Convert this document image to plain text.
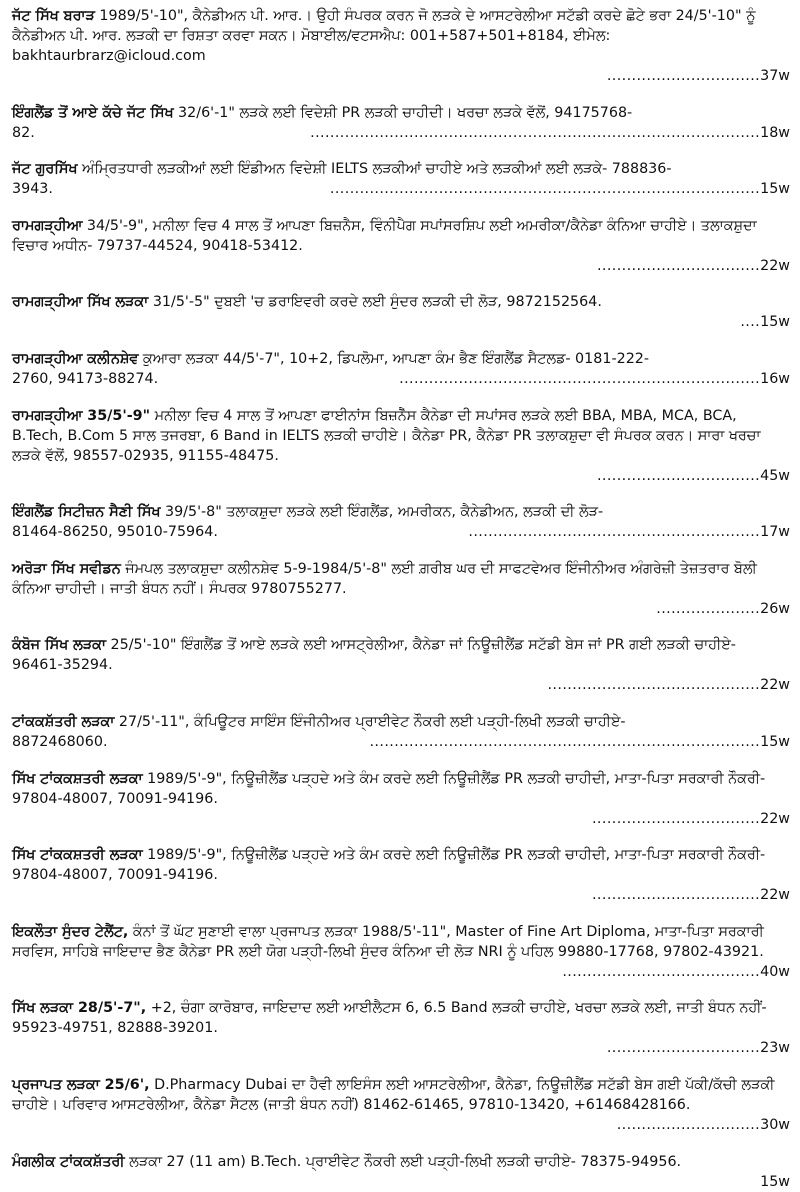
ਜੱਟ ਸਿੱਖ ਬਰਾੜ 1989/5'-10", ਕੈਨੇਡੀਅਨ ਪੀ. ਆਰ.। ਉਹੀ ਸੰਪਰਕ ਕਰਨ ਜੋ ਲੜਕੇ ਦੇ ਆਸਟਰੇਲੀਆ ਸਟੱਡੀ ਕਰਦੇ ਛੋਟੇ ਭਰਾ 24/5'-10" ਨੂੰ ਕੈਨੇਡੀਅਨ ਪੀ. ਆਰ. ਲੜਕੀ ਦਾ ਰਿਸ਼ਤਾ ਕਰਵਾ ਸਕਨ। ਮੋਬਾਈਲ/ਵਟਸਐਪ: 001+587+501+8184, ਈਮੇਲ: bakhtaurbrarz@icloud.com
............................... 37w
ਇੰਗਲੈਂਡ ਤੋਂ ਆਏ ਕੱਚੇ ਜੱਟ ਸਿੱਖ 32/6'-1" ਲੜਕੇ ਲਈ ਵਿਦੇਸ਼ੀ PR ਲੜਕੀ ਚਾਹੀਦੀ। ਖਰਚਾ ਲੜਕੇ ਵੱਲੋਂ, 94175768-
82.	........................................................................................... 18w
ਜੱਟ ਗੁਰਸਿੱਖ ਅੰਮ੍ਰਿਤਧਾਰੀ ਲੜਕੀਆਂ ਲਈ ਇੰਡੀਅਨ ਵਿਦੇਸ਼ੀ IELTS ਲੜਕੀਆਂ ਚਾਹੀਏ ਅਤੇ ਲੜਕੀਆਂ ਲਈ ਲੜਕੇ- 788836-
3943.	....................................................................................... 15w
ਰਾਮਗੜ੍ਹੀਆ 34/5'-9", ਮਨੀਲਾ ਵਿਚ 4 ਸਾਲ ਤੋਂ ਆਪਣਾ ਬਿਜ਼ਨੈਸ, ਵਿੰਨੀਪੈਗ ਸਪਾਂਸਰਸ਼ਿਪ ਲਈ ਅਮਰੀਕਾ/ਕੈਨੇਡਾ ਕੰਨਿਆ ਚਾਹੀਏ। ਤਲਾਕਸ਼ੁਦਾ ਵਿਚਾਰ ਅਧੀਨ- 79737-44524, 90418-53412.
................................. 22w
ਰਾਮਗੜ੍ਹੀਆ ਸਿੱਖ ਲੜਕਾ 31/5'-5" ਦੁਬਈ 'ਚ ਡਰਾਇਵਰੀ ਕਰਦੇ ਲਈ ਸੁੰਦਰ ਲੜਕੀ ਦੀ ਲੋੜ, 9872152564.
.... 15w
ਰਾਮਗੜ੍ਹੀਆ ਕਲੀਨਸ਼ੇਵ ਕੁਆਰਾ ਲੜਕਾ 44/5'-7", 10+2, ਡਿਪਲੋਮਾ, ਆਪਣਾ ਕੰਮ ਭੈਣ ਇੰਗਲੈਂਡ ਸੈਟਲਡ- 0181-222-
2760, 94173-88274.	......................................................................... 16w
ਰਾਮਗੜ੍ਹੀਆ 35/5'-9" ਮਨੀਲਾ ਵਿਚ 4 ਸਾਲ ਤੋਂ ਆਪਣਾ ਫਾਈਨਾਂਸ ਬਿਜ਼ਨੈੱਸ ਕੈਨੇਡਾ ਦੀ ਸਪਾਂਸਰ ਲੜਕੇ ਲਈ BBA, MBA, MCA, BCA, B.Tech, B.Com 5 ਸਾਲ ਤਜਰਬਾ, 6 Band in IELTS ਲੜਕੀ ਚਾਹੀਏ। ਕੈਨੇਡਾ PR, ਕੈਨੇਡਾ PR ਤਲਾਕਸ਼ੁਦਾ ਵੀ ਸੰਪਰਕ ਕਰਨ। ਸਾਰਾ ਖਰਚਾ ਲੜਕੇ ਵੱਲੋਂ, 98557-02935, 91155-48475.
................................. 45w
ਇੰਗਲੈਂਡ ਸਿਟੀਜ਼ਨ ਸੈਣੀ ਸਿੱਖ 39/5'-8" ਤਲਾਕਸ਼ੁਦਾ ਲੜਕੇ ਲਈ ਇੰਗਲੈਂਡ, ਅਮਰੀਕਨ, ਕੈਨੇਡੀਅਨ, ਲੜਕੀ ਦੀ ਲੋੜ-
81464-86250, 95010-75964.	........................................................... 17w
ਅਰੋੜਾ ਸਿੱਖ ਸਵੀਡਨ ਜੰਮਪਲ ਤਲਾਕਸ਼ੁਦਾ ਕਲੀਨਸ਼ੇਵ 5-9-1984/5'-8" ਲਈ ਗ਼ਰੀਬ ਘਰ ਦੀ ਸਾਫਟਵੇਅਰ ਇੰਜੀਨੀਅਰ ਅੰਗਰੇਜ਼ੀ ਤੇਜ਼ਤਰਾਰ ਬੋਲੀ ਕੰਨਿਆ ਚਾਹੀਦੀ। ਜਾਤੀ ਬੰਧਨ ਨਹੀਂ। ਸੰਪਰਕ 9780755277.
..................... 26w
ਕੰਬੋਜ ਸਿੱਖ ਲੜਕਾ 25/5'-10" ਇੰਗਲੈਂਡ ਤੋਂ ਆਏ ਲੜਕੇ ਲਈ ਆਸਟ੍ਰੇਲੀਆ, ਕੈਨੇਡਾ ਜਾਂ ਨਿਊਜ਼ੀਲੈਂਡ ਸਟੱਡੀ ਬੇਸ ਜਾਂ PR ਗਈ ਲੜਕੀ ਚਾਹੀਏ- 96461-35294.
........................................... 22w
ਟਾਂਕਕਸ਼ੱਤਰੀ ਲੜਕਾ 27/5'-11", ਕੰਪਿਊਟਰ ਸਾਇੰਸ ਇੰਜੀਨੀਅਰ ਪ੍ਰਾਈਵੇਟ ਨੌਕਰੀ ਲਈ ਪੜ੍ਹੀ-ਲਿਖੀ ਲੜਕੀ ਚਾਹੀਏ-
8872468060.	............................................................................... 15w
ਸਿੱਖ ਟਾਂਕਕਸ਼ਤਰੀ ਲੜਕਾ 1989/5'-9", ਨਿਊਜ਼ੀਲੈਂਡ ਪੜ੍ਹਦੇ ਅਤੇ ਕੰਮ ਕਰਦੇ ਲਈ ਨਿਊਜ਼ੀਲੈਂਡ PR ਲੜਕੀ ਚਾਹੀਦੀ, ਮਾਤਾ-ਪਿਤਾ ਸਰਕਾਰੀ ਨੌਕਰੀ- 97804-48007, 70091-94196.
.................................. 22w
ਸਿੱਖ ਟਾਂਕਕਸ਼ਤਰੀ ਲੜਕਾ 1989/5'-9", ਨਿਊਜ਼ੀਲੈਂਡ ਪੜ੍ਹਦੇ ਅਤੇ ਕੰਮ ਕਰਦੇ ਲਈ ਨਿਊਜ਼ੀਲੈਂਡ PR ਲੜਕੀ ਚਾਹੀਦੀ, ਮਾਤਾ-ਪਿਤਾ ਸਰਕਾਰੀ ਨੌਕਰੀ- 97804-48007, 70091-94196.
.................................. 22w
ਇਕਲੌਤਾ ਸੁੰਦਰ ਟੇਲੈਂਟ, ਕੰਨਾਂ ਤੋਂ ਘੱਟ ਸੁਣਾਈ ਵਾਲਾ ਪ੍ਰਜਾਪਤ ਲੜਕਾ 1988/5'-11", Master of Fine Art Diploma, ਮਾਤਾ-ਪਿਤਾ ਸਰਕਾਰੀ ਸਰਵਿਸ, ਸਾਹਿਬੇ ਜਾਇਦਾਦ ਭੈਣ ਕੈਨੇਡਾ PR ਲਈ ਯੋਗ ਪੜ੍ਹੀ-ਲਿਖੀ ਸੁੰਦਰ ਕੰਨਿਆ ਦੀ ਲੋੜ NRI ਨੂੰ ਪਹਿਲ 99880-17768, 97802-43921.
........................................ 40w
ਸਿੱਖ ਲੜਕਾ 28/5'-7", +2, ਚੰਗਾ ਕਾਰੋਬਾਰ, ਜਾਇਦਾਦ ਲਈ ਆਈਲੈਟਸ 6, 6.5 Band ਲੜਕੀ ਚਾਹੀਏ, ਖਰਚਾ ਲੜਕੇ ਲਈ, ਜਾਤੀ ਬੰਧਨ ਨਹੀਂ- 95923-49751, 82888-39201.
............................... 23w
ਪ੍ਰਜਾਪਤ ਲੜਕਾ 25/6', D.Pharmacy Dubai ਦਾ ਹੈਵੀ ਲਾਇਸੰਸ ਲਈ ਆਸਟਰੇਲੀਆ, ਕੈਨੇਡਾ, ਨਿਊਜ਼ੀਲੈਂਡ ਸਟੱਡੀ ਬੇਸ ਗਈ ਪੱਕੀ/ਕੱਚੀ ਲੜਕੀ ਚਾਹੀਏ। ਪਰਿਵਾਰ ਆਸਟਰੇਲੀਆ, ਕੈਨੇਡਾ ਸੈਟਲ (ਜਾਤੀ ਬੰਧਨ ਨਹੀਂ) 81462-61465, 97810-13420, +61468428166.
............................. 30w
ਮੰਗਲੀਕ ਟਾਂਕਕਸ਼ੱਤਰੀ ਲੜਕਾ 27 (11 am) B.Tech. ਪ੍ਰਾਈਵੇਟ ਨੌਕਰੀ ਲਈ ਪੜ੍ਹੀ-ਲਿਖੀ ਲੜਕੀ ਚਾਹੀਏ- 78375-94956.
15w
